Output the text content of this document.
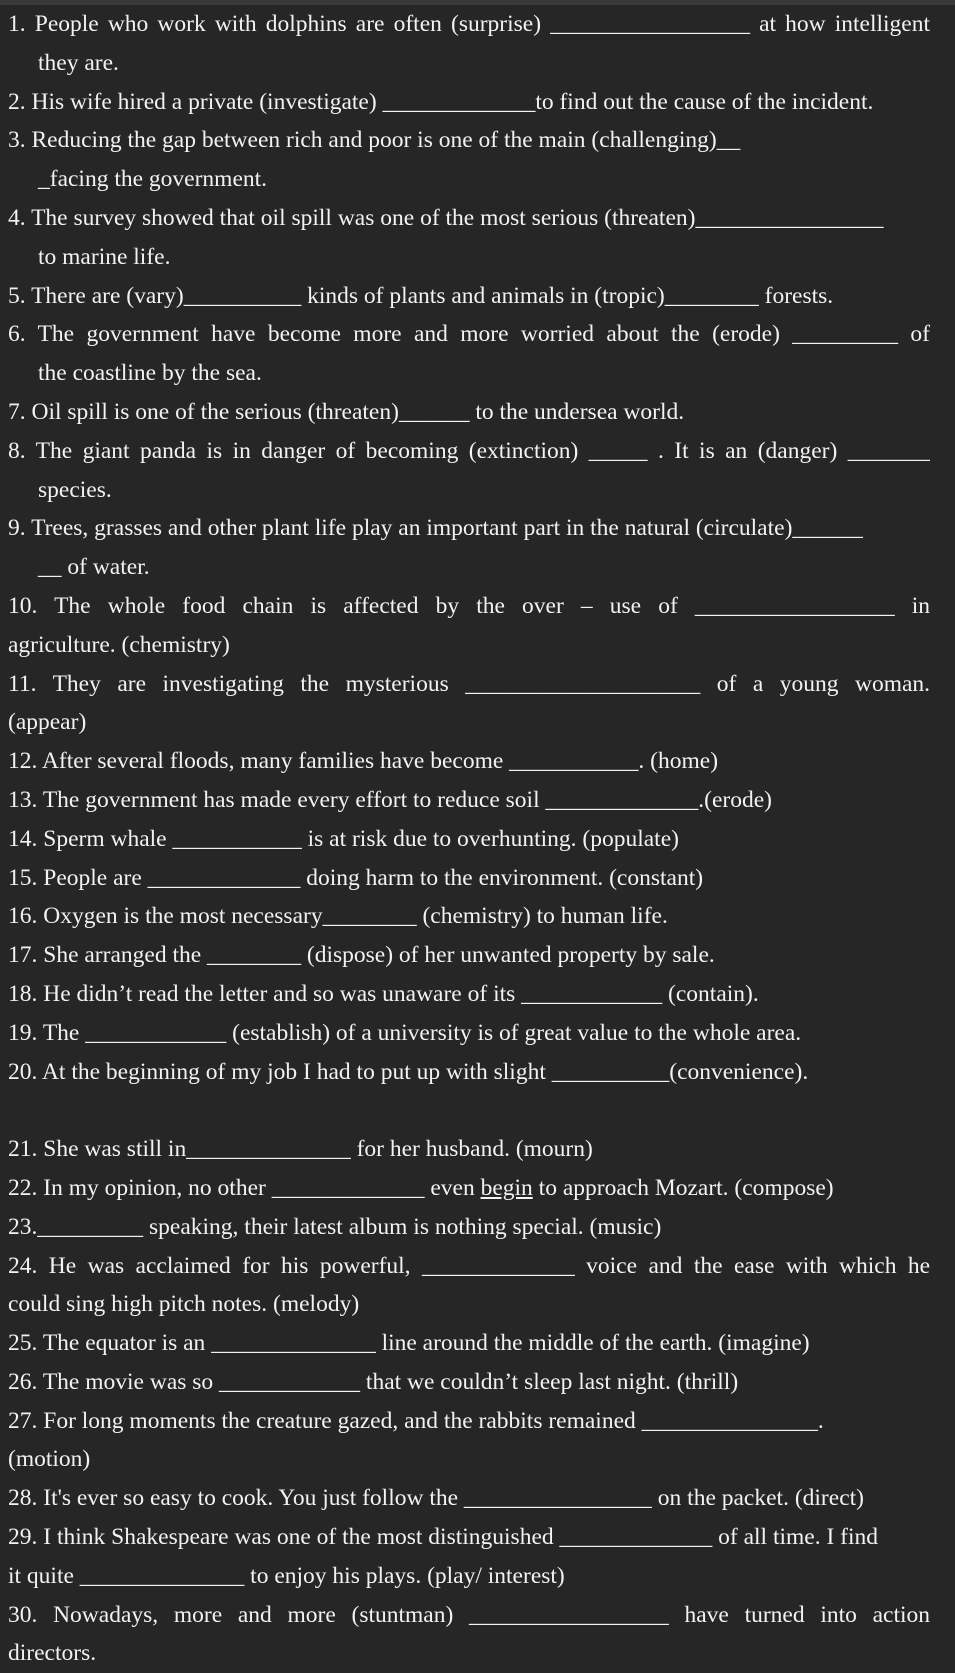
1. People who work with dolphins are often (surprise) _________________ at how intelligent
they are.
2. His wife hired a private (investigate) _____________to find out the cause of the incident.
3. Reducing the gap between rich and poor is one of the main (challenging)__
_facing the government.
4. The survey showed that oil spill was one of the most serious (threaten)________________
to marine life.
5. There are (vary)__________ kinds of plants and animals in (tropic)________ forests.
6. The government have become more and more worried about the (erode) _________ of
the coastline by the sea.
7. Oil spill is one of the serious (threaten)______ to the undersea world.
8. The giant panda is in danger of becoming (extinction) _____ . It is an (danger) _______
species.
9. Trees, grasses and other plant life play an important part in the natural (circulate)______
__ of water.
10. The whole food chain is affected by the over – use of _________________ in
agriculture. (chemistry)
11. They are investigating the mysterious ____________________ of a young woman.
(appear)
12. After several floods, many families have become ___________. (home)
13. The government has made every effort to reduce soil _____________.(erode)
14. Sperm whale ___________ is at risk due to overhunting. (populate)
15. People are _____________ doing harm to the environment. (constant)
16. Oxygen is the most necessary________ (chemistry) to human life.
17. She arranged the ________ (dispose) of her unwanted property by sale.
18. He didn’t read the letter and so was unaware of its ____________ (contain).
19. The ____________ (establish) of a university is of great value to the whole area.
20. At the beginning of my job I had to put up with slight __________(convenience).
21. She was still in______________ for her husband. (mourn)
22. In my opinion, no other _____________ even begin to approach Mozart. (compose)
23._________ speaking, their latest album is nothing special. (music)
24. He was acclaimed for his powerful, _____________ voice and the ease with which he
could sing high pitch notes. (melody)
25. The equator is an ______________ line around the middle of the earth. (imagine)
26. The movie was so ____________ that we couldn’t sleep last night. (thrill)
27. For long moments the creature gazed, and the rabbits remained _______________.
(motion)
28. It's ever so easy to cook. You just follow the ________________ on the packet. (direct)
29. I think Shakespeare was one of the most distinguished _____________ of all time. I find
it quite ______________ to enjoy his plays. (play/ interest)
30. Nowadays, more and more (stuntman) _________________ have turned into action
directors.
